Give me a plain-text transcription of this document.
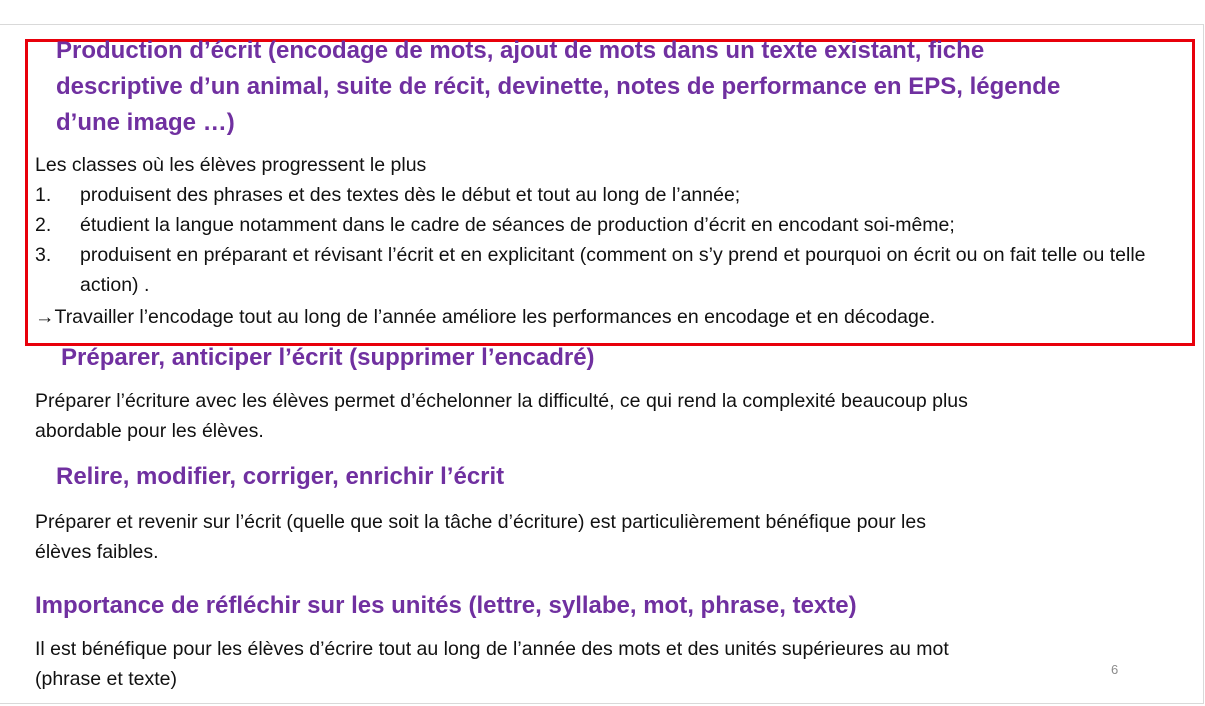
Production d’écrit (encodage de mots, ajout de mots dans un texte existant, fiche
descriptive d’un animal, suite de récit, devinette, notes de performance en EPS, légende
d’une image …)
Les classes où les élèves progressent le plus
1. produisent des phrases et des textes dès le début et tout au long de l’année;
2. étudient la langue notamment dans le cadre de séances de production d’écrit en encodant soi-même;
3. produisent en préparant et révisant l’écrit et en explicitant (comment on s’y prend et pourquoi on écrit ou on fait telle ou telle action) .
→Travailler l’encodage tout au long de l’année améliore les performances en encodage et en décodage.
Préparer, anticiper l’écrit (supprimer l’encadré)
Préparer l’écriture avec les élèves permet d’échelonner la difficulté, ce qui rend la complexité beaucoup plus
abordable pour les élèves.
Relire, modifier, corriger, enrichir l’écrit
Préparer et revenir sur l’écrit (quelle que soit la tâche d’écriture) est particulièrement bénéfique pour les
élèves faibles.
Importance de réfléchir sur les unités (lettre, syllabe, mot, phrase, texte)
Il est bénéfique pour les élèves d’écrire tout au long de l’année des mots et des unités supérieures au mot
(phrase et texte)	6
